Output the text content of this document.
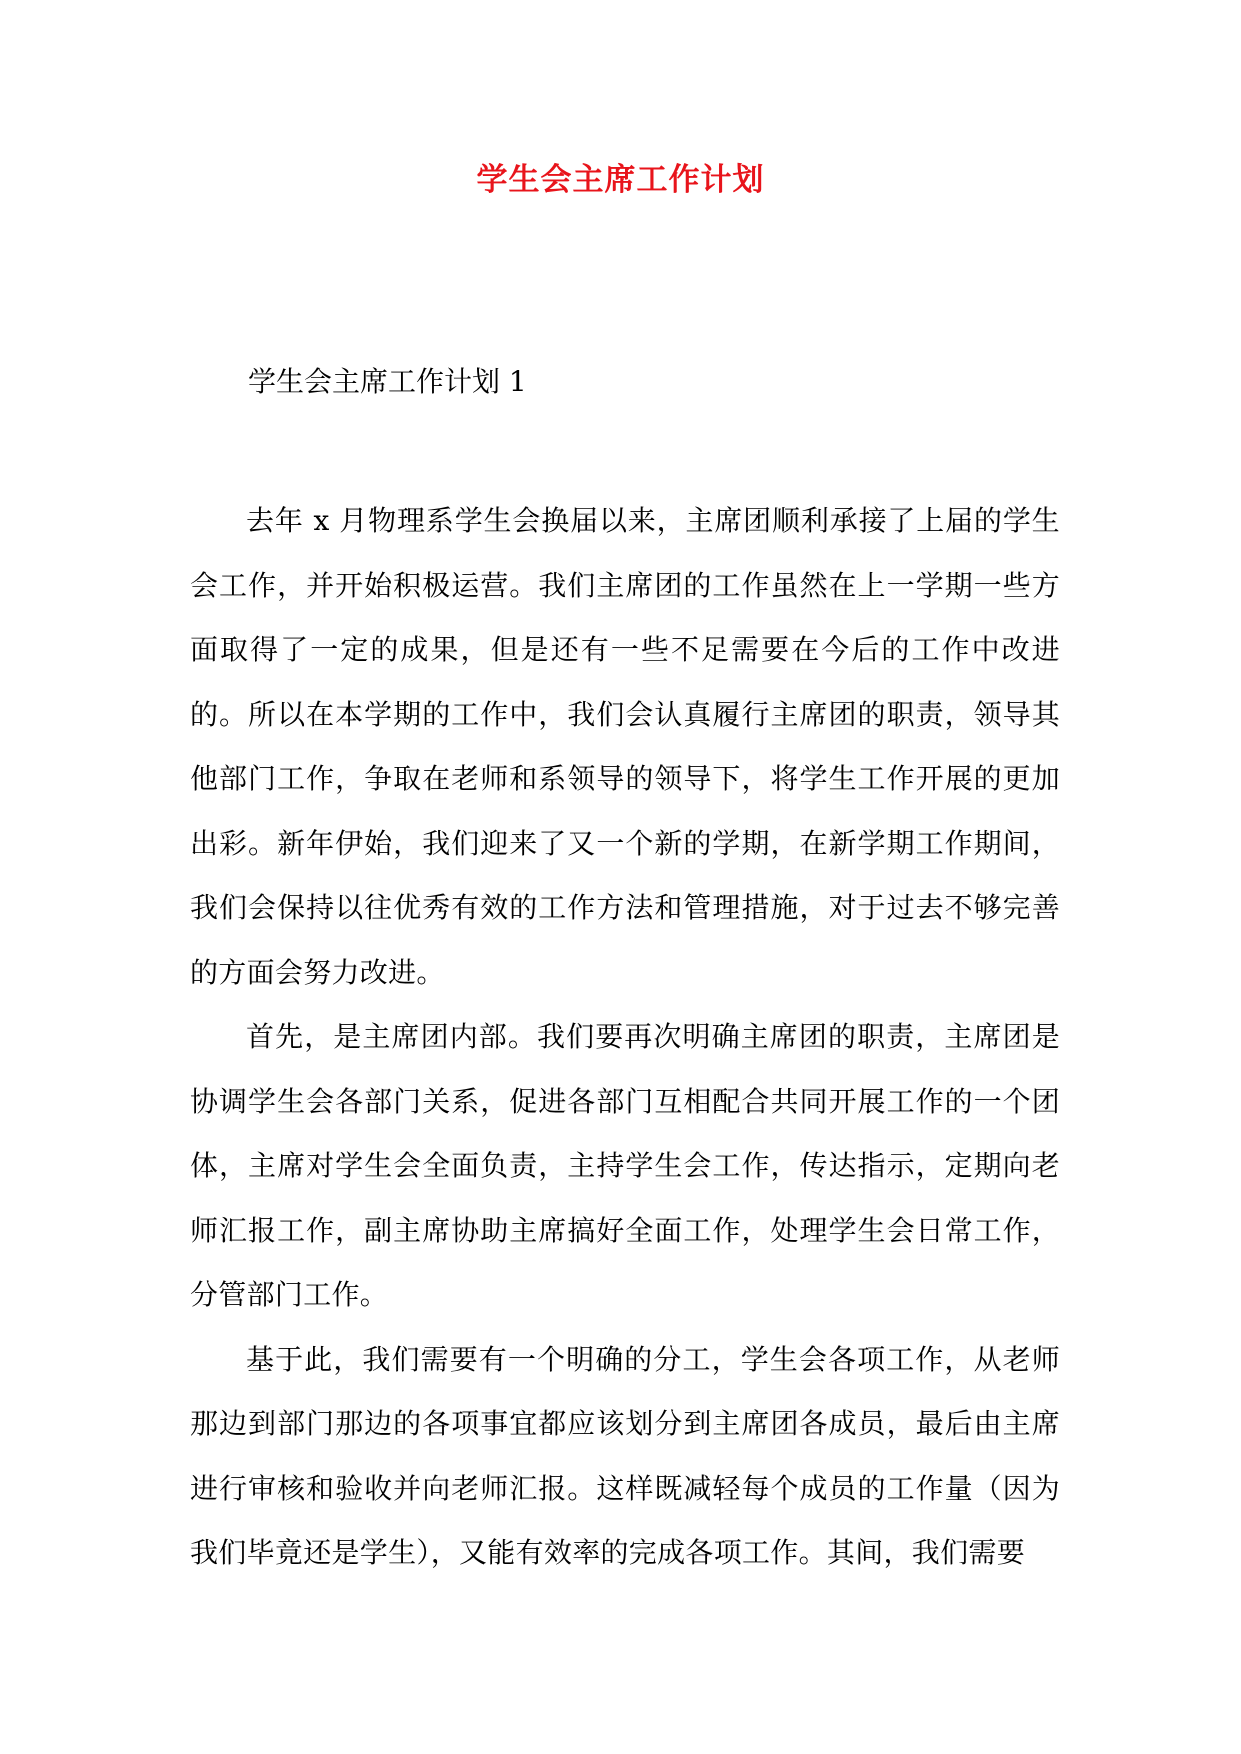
学生会主席工作计划

学生会主席工作计划 1

去年 x 月物理系学生会换届以来，主席团顺利承接了上届的学生会工作，并开始积极运营。我们主席团的工作虽然在上一学期一些方面取得了一定的成果，但是还有一些不足需要在今后的工作中改进的。所以在本学期的工作中，我们会认真履行主席团的职责，领导其他部门工作，争取在老师和系领导的领导下，将学生工作开展的更加出彩。新年伊始，我们迎来了又一个新的学期，在新学期工作期间，我们会保持以往优秀有效的工作方法和管理措施，对于过去不够完善的方面会努力改进。

首先，是主席团内部。我们要再次明确主席团的职责，主席团是协调学生会各部门关系，促进各部门互相配合共同开展工作的一个团体，主席对学生会全面负责，主持学生会工作，传达指示，定期向老师汇报工作，副主席协助主席搞好全面工作，处理学生会日常工作，分管部门工作。

基于此，我们需要有一个明确的分工，学生会各项工作，从老师那边到部门那边的各项事宜都应该划分到主席团各成员，最后由主席进行审核和验收并向老师汇报。这样既减轻每个成员的工作量（因为我们毕竟还是学生），又能有效率的完成各项工作。其间，我们需要
